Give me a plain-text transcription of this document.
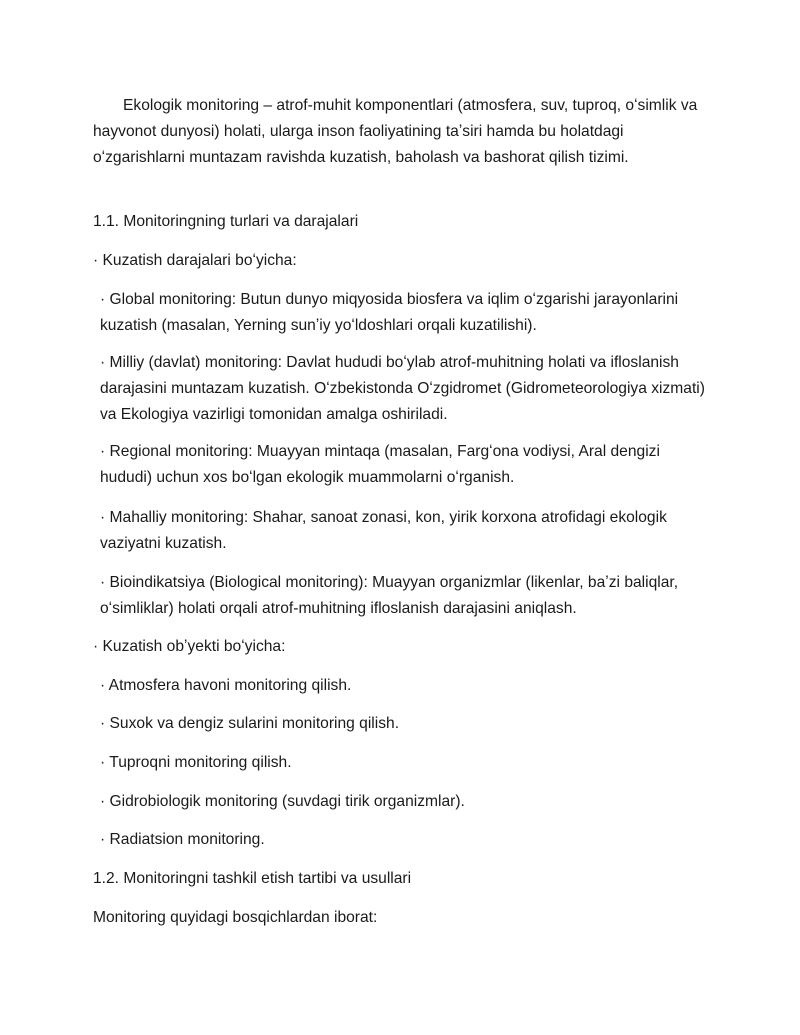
Ekologik monitoring – atrof-muhit komponentlari (atmosfera, suv, tuproq, oʻsimlik va hayvonot dunyosi) holati, ularga inson faoliyatining taʼsiri hamda bu holatdagi oʻzgarishlarni muntazam ravishda kuzatish, baholash va bashorat qilish tizimi.

1.1. Monitoringning turlari va darajalari

· Kuzatish darajalari boʻyicha:

· Global monitoring: Butun dunyo miqyosida biosfera va iqlim oʻzgarishi jarayonlarini kuzatish (masalan, Yerning sunʼiy yoʻldoshlari orqali kuzatilishi).

· Milliy (davlat) monitoring: Davlat hududi boʻylab atrof-muhitning holati va ifloslanish darajasini muntazam kuzatish. Oʻzbekistonda Oʻzgidromet (Gidrometeorologiya xizmati) va Ekologiya vazirligi tomonidan amalga oshiriladi.

· Regional monitoring: Muayyan mintaqa (masalan, Fargʻona vodiysi, Aral dengizi hududi) uchun xos boʻlgan ekologik muammolarni oʻrganish.

· Mahalliy monitoring: Shahar, sanoat zonasi, kon, yirik korxona atrofidagi ekologik vaziyatni kuzatish.

· Bioindikatsiya (Biological monitoring): Muayyan organizmlar (likenlar, baʼzi baliqlar, oʻsimliklar) holati orqali atrof-muhitning ifloslanish darajasini aniqlash.

· Kuzatish obʼyekti boʻyicha:

· Atmosfera havoni monitoring qilish.

· Suxok va dengiz sularini monitoring qilish.

· Tuproqni monitoring qilish.

· Gidrobiologik monitoring (suvdagi tirik organizmlar).

· Radiatsion monitoring.

1.2. Monitoringni tashkil etish tartibi va usullari

Monitoring quyidagi bosqichlardan iborat:
